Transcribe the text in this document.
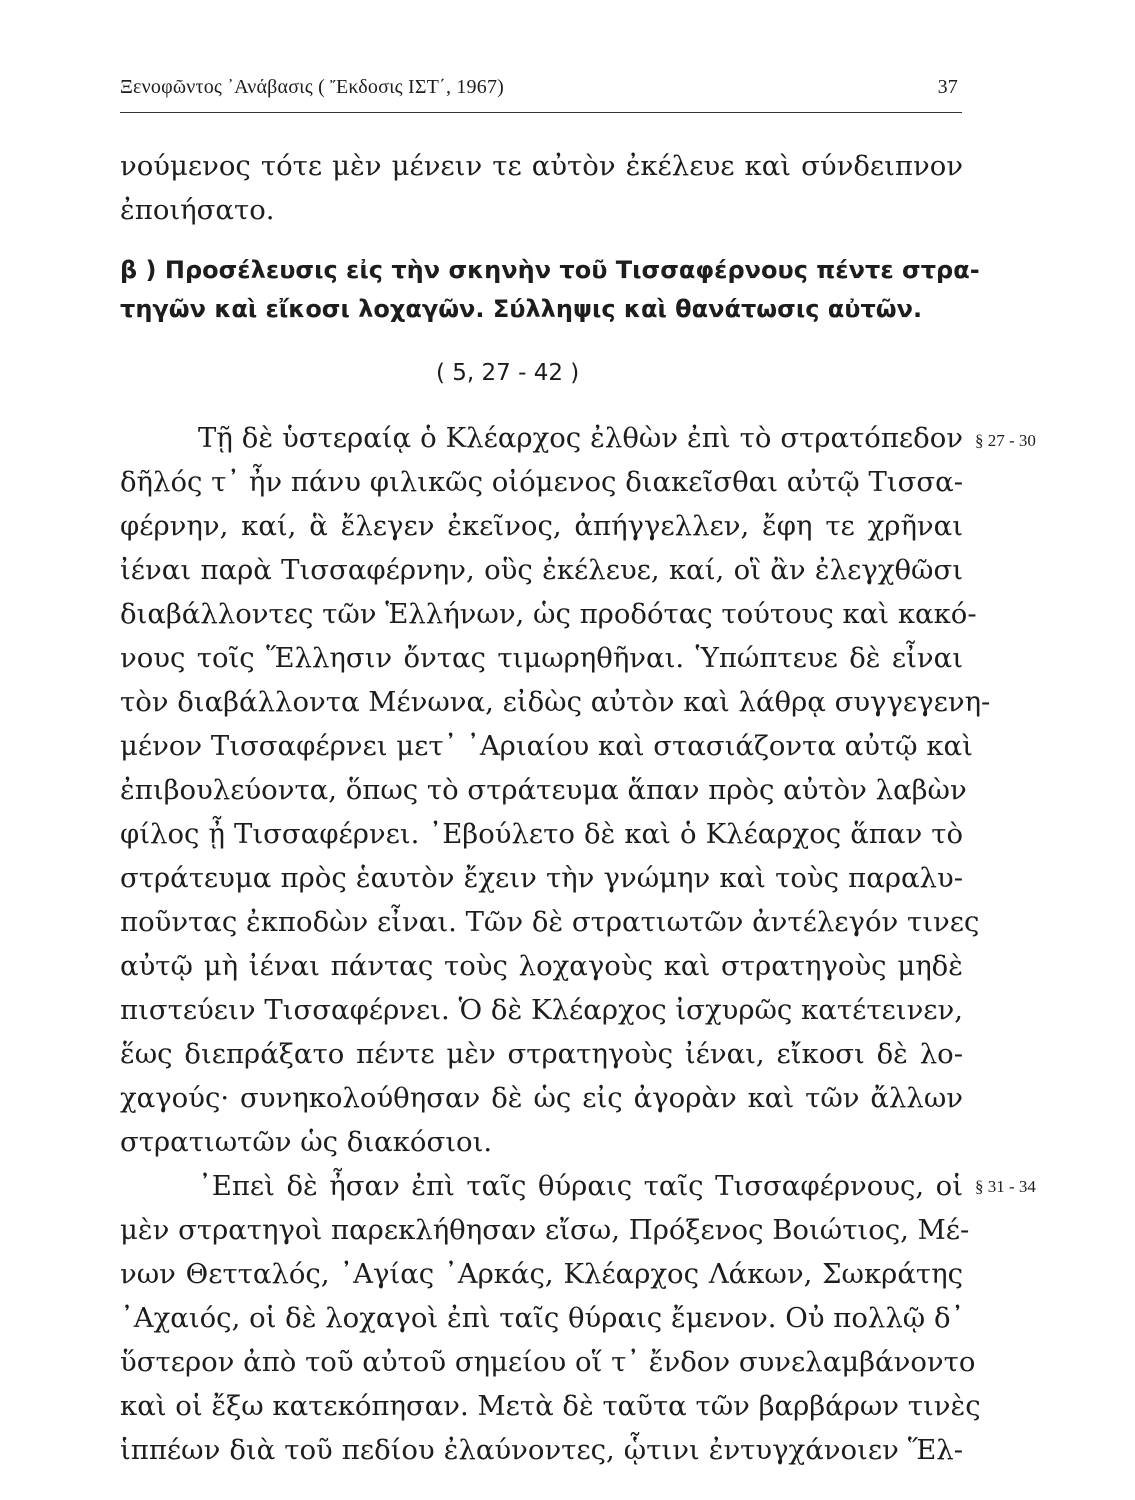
Ξενοφῶντος ᾿Ανάβασις ( Ἔκδοσις ΙΣΤ΄, 1967)	37
νούμενος τότε μὲν μένειν τε αὐτὸν ἐκέλευε καὶ σύνδειπνον
ἐποιήσατο.
β ) Προσέλευσις εἰς τὴν σκηνὴν τοῦ Τισσαφέρνους πέντε στρα-
τηγῶν καὶ εἴκοσι λοχαγῶν. Σύλληψις καὶ θανάτωσις αὐτῶν.
( 5, 27 - 42 )
§ 27 - 30
§ 31 - 34
Τῇ δὲ ὑστεραίᾳ ὁ Κλέαρχος ἐλθὼν ἐπὶ τὸ στρατόπεδον
δῆλός τ᾽ ἦν πάνυ φιλικῶς οἰόμενος διακεῖσθαι αὐτῷ Τισσα-
φέρνην, καί, ἃ ἔλεγεν ἐκεῖνος, ἀπήγγελλεν, ἔφη τε χρῆναι
ἰέναι παρὰ Τισσαφέρνην, οὓς ἐκέλευε, καί, οἳ ἂν ἐλεγχθῶσι
διαβάλλοντες τῶν Ἑλλήνων, ὡς προδότας τούτους καὶ κακό-
νους τοῖς Ἕλλησιν ὄντας τιμωρηθῆναι. Ὑπώπτευε δὲ εἶναι
τὸν διαβάλλοντα Μένωνα, εἰδὼς αὐτὸν καὶ λάθρᾳ συγγεγενη-
μένον Τισσαφέρνει μετ᾽ ᾿Αριαίου καὶ στασιάζοντα αὐτῷ καὶ
ἐπιβουλεύοντα, ὅπως τὸ στράτευμα ἅπαν πρὸς αὐτὸν λαβὼν
φίλος ᾖ Τισσαφέρνει. ᾿Εβούλετο δὲ καὶ ὁ Κλέαρχος ἅπαν τὸ
στράτευμα πρὸς ἑαυτὸν ἔχειν τὴν γνώμην καὶ τοὺς παραλυ-
ποῦντας ἐκποδὼν εἶναι. Τῶν δὲ στρατιωτῶν ἀντέλεγόν τινες
αὐτῷ μὴ ἰέναι πάντας τοὺς λοχαγοὺς καὶ στρατηγοὺς μηδὲ
πιστεύειν Τισσαφέρνει. Ὁ δὲ Κλέαρχος ἰσχυρῶς κατέτεινεν,
ἕως διεπράξατο πέντε μὲν στρατηγοὺς ἰέναι, εἴκοσι δὲ λο-
χαγούς· συνηκολούθησαν δὲ ὡς εἰς ἀγορὰν καὶ τῶν ἄλλων
στρατιωτῶν ὡς διακόσιοι.
᾿Επεὶ δὲ ἦσαν ἐπὶ ταῖς θύραις ταῖς Τισσαφέρνους, οἱ
μὲν στρατηγοὶ παρεκλήθησαν εἴσω, Πρόξενος Βοιώτιος, Μέ-
νων Θετταλός, ᾿Αγίας ᾿Αρκάς, Κλέαρχος Λάκων, Σωκράτης
᾿Αχαιός, οἱ δὲ λοχαγοὶ ἐπὶ ταῖς θύραις ἔμενον. Οὐ πολλῷ δ᾽
ὕστερον ἀπὸ τοῦ αὐτοῦ σημείου οἵ τ᾽ ἔνδον συνελαμβάνοντο
καὶ οἱ ἔξω κατεκόπησαν. Μετὰ δὲ ταῦτα τῶν βαρβάρων τινὲς
ἱππέων διὰ τοῦ πεδίου ἐλαύνοντες, ᾧτινι ἐντυγχάνοιεν Ἕλ-
